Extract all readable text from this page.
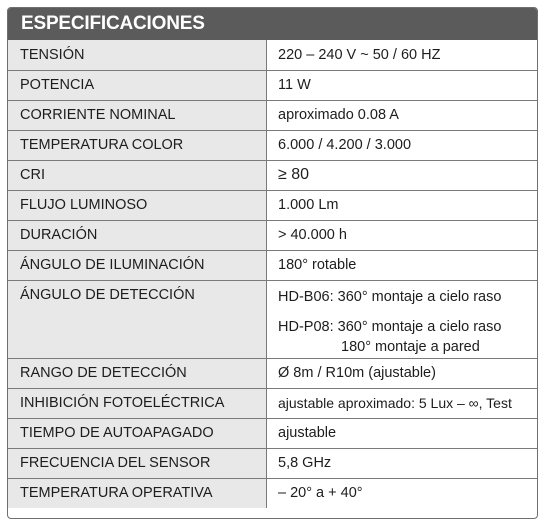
ESPECIFICACIONES
TENSIÓN	220 – 240 V ~ 50 / 60 HZ
POTENCIA	11 W
CORRIENTE NOMINAL	aproximado 0.08 A
TEMPERATURA COLOR	6.000 / 4.200 / 3.000
CRI	≥ 80
FLUJO LUMINOSO	1.000 Lm
DURACIÓN	> 40.000 h
ÁNGULO DE ILUMINACIÓN	180° rotable
ÁNGULO DE DETECCIÓN	HD-B06: 360° montaje a cielo raso
HD-P08: 360° montaje a cielo raso
180° montaje a pared

RANGO DE DETECCIÓN	Ø 8m / R10m (ajustable)
INHIBICIÓN FOTOELÉCTRICA	ajustable aproximado: 5 Lux – ∞, Test
TIEMPO DE AUTOAPAGADO	ajustable
FRECUENCIA DEL SENSOR	5,8 GHz
TEMPERATURA OPERATIVA	– 20° a + 40°
